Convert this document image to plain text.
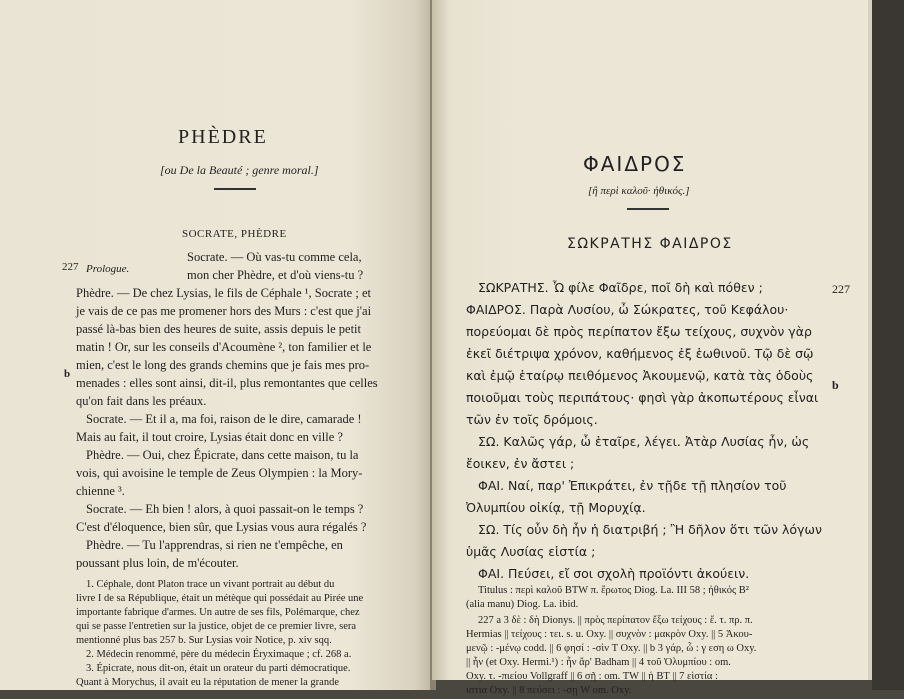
PHÈDRE
[ou De la Beauté ; genre moral.]
SOCRATE, PHÈDRE
227 Prologue.
b
Socrate. — Où vas-tu comme cela,
mon cher Phèdre, et d'où viens-tu ?
Phèdre. — De chez Lysias, le fils de Céphale ¹, Socrate ; et
je vais de ce pas me promener hors des Murs : c'est que j'ai
passé là-bas bien des heures de suite, assis depuis le petit
matin ! Or, sur les conseils d'Acoumène ², ton familier et le
mien, c'est le long des grands chemins que je fais mes pro-
menades : elles sont ainsi, dit-il, plus remontantes que celles
qu'on fait dans les préaux.
Socrate. — Et il a, ma foi, raison de le dire, camarade !
Mais au fait, il tout croire, Lysias était donc en ville ?
Phèdre. — Oui, chez Épicrate, dans cette maison, tu la
vois, qui avoisine le temple de Zeus Olympien : la Mory-
chienne ³.
Socrate. — Eh bien ! alors, à quoi passait-on le temps ?
C'est d'éloquence, bien sûr, que Lysias vous aura régalés ?
Phèdre. — Tu l'apprendras, si rien ne t'empêche, en
poussant plus loin, de m'écouter.
1. Céphale, dont Platon trace un vivant portrait au début du
livre I de sa République, était un métèque qui possédait au Pirée une
importante fabrique d'armes. Un autre de ses fils, Polémarque, chez
qui se passe l'entretien sur la justice, objet de ce premier livre, sera
mentionné plus bas 257 b. Sur Lysias voir Notice, p. xiv sqq.
2. Médecin renommé, père du médecin Éryximaque ; cf. 268 a.
3. Épicrate, nous dit-on, était un orateur du parti démocratique.
Quant à Morychus, il avait eu la réputation de mener la grande
ΦΑΙΔΡΟΣ
[ἢ περὶ καλοῦ· ἠθικός.]
ΣΩΚΡΑΤΗΣ ΦΑΙΔΡΟΣ
227
b
ΣΩΚΡΑΤΗΣ. Ὦ φίλε Φαῖδρε, ποῖ δὴ καὶ πόθεν ;
ΦΑΙΔΡΟΣ. Παρὰ Λυσίου, ὦ Σώκρατες, τοῦ Κεφάλου·
πορεύομαι δὲ πρὸς περίπατον ἔξω τείχους, συχνὸν γὰρ
ἐκεῖ διέτριψα χρόνον, καθήμενος ἐξ ἑωθινοῦ. Τῷ δὲ σῷ
καὶ ἐμῷ ἑταίρῳ πειθόμενος Ἀκουμενῷ, κατὰ τὰς ὁδοὺς
ποιοῦμαι τοὺς περιπάτους· φησὶ γὰρ ἀκοπωτέρους εἶναι
τῶν ἐν τοῖς δρόμοις.
ΣΩ. Καλῶς γάρ, ὦ ἑταῖρε, λέγει. Ἀτὰρ Λυσίας ἦν, ὡς
ἔοικεν, ἐν ἄστει ;
ΦΑΙ. Ναί, παρ' Ἐπικράτει, ἐν τῇδε τῇ πλησίον τοῦ
Ὀλυμπίου οἰκίᾳ, τῇ Μορυχίᾳ.
ΣΩ. Τίς οὖν δὴ ἦν ἡ διατριβή ; Ἢ δῆλον ὅτι τῶν λόγων
ὑμᾶς Λυσίας εἱστία ;
ΦΑΙ. Πεύσει, εἴ σοι σχολὴ προϊόντι ἀκούειν.
Titulus : περὶ καλοῦ BTW π. ἔρωτος Diog. La. III 58 ; ἠθικός B²
(alia manu) Diog. La. ibid.
227 a 3 δὲ : δὴ Dionys. || πρὸς περίπατον ἔξω τείχους : ἔ. τ. πρ. π.
Hermias || τείχους : τει. s. u. Oxy. || συχνὸν : μακρὸν Oxy. || 5 Ἀκου-
μενῷ : -μένῳ codd. || 6 φησί : -σὶν T Oxy. || b 3 γάρ, ὦ : γ εση ω Oxy.
|| ἦν (et Oxy. Hermi.¹) : ἦν ἄρ' Badham || 4 τοῦ Ὀλυμπίου : om.
Oxy. τ. -πιείου Vollgraff || 6 σῇ : om. TW || ἡ BT || 7 εἱστία :
ιστια Oxy. || 8 πεύσει : -σῃ W om. Oxy.
